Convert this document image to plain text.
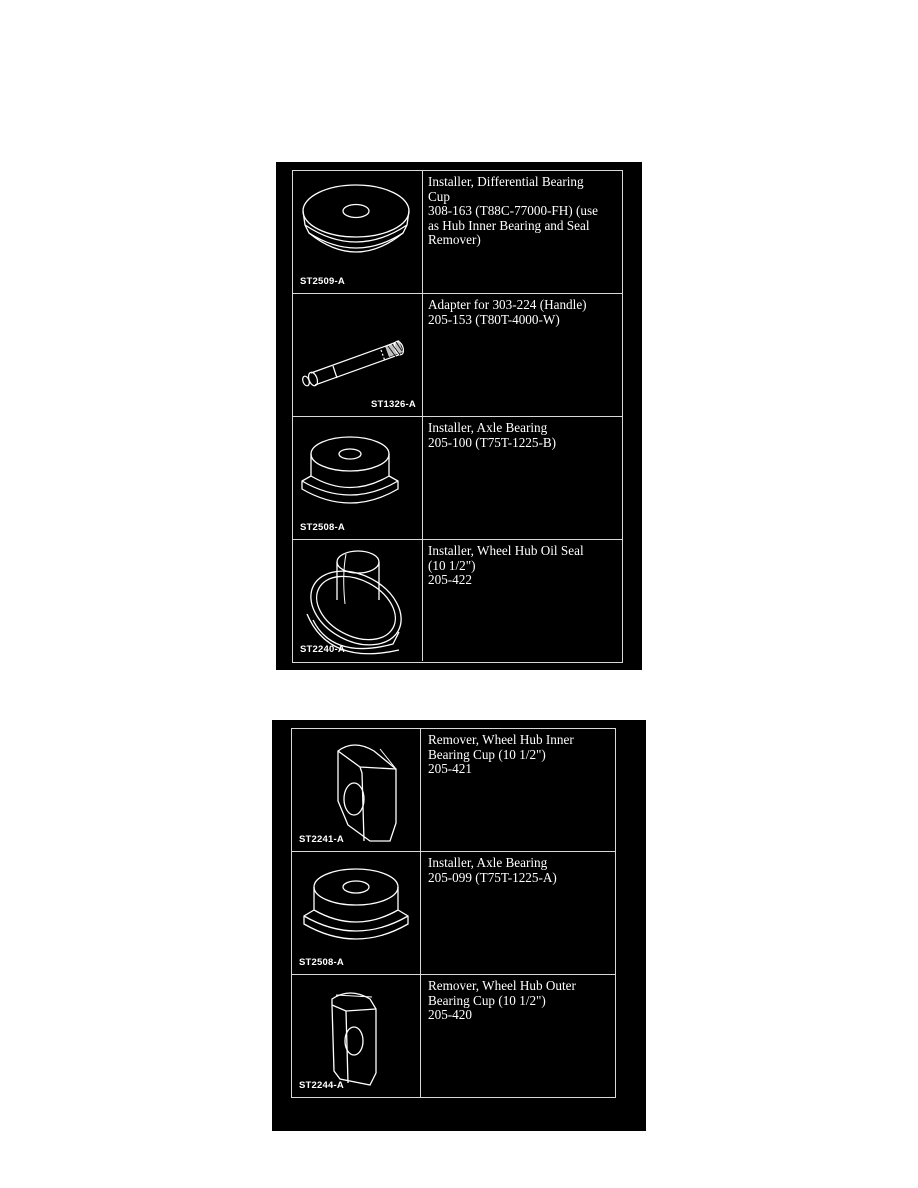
ST2509-A
Installer, Differential Bearing
Cup
308-163 (T88C-77000-FH) (use
as Hub Inner Bearing and Seal
Remover)
ST1326-A
Adapter for 303-224 (Handle)
205-153 (T80T-4000-W)
ST2508-A
Installer, Axle Bearing
205-100 (T75T-1225-B)
ST2240-A
Installer, Wheel Hub Oil Seal
(10 1/2")
205-422
ST2241-A
Remover, Wheel Hub Inner
Bearing Cup (10 1/2")
205-421
ST2508-A
Installer, Axle Bearing
205-099 (T75T-1225-A)
ST2244-A
Remover, Wheel Hub Outer
Bearing Cup (10 1/2")
205-420
